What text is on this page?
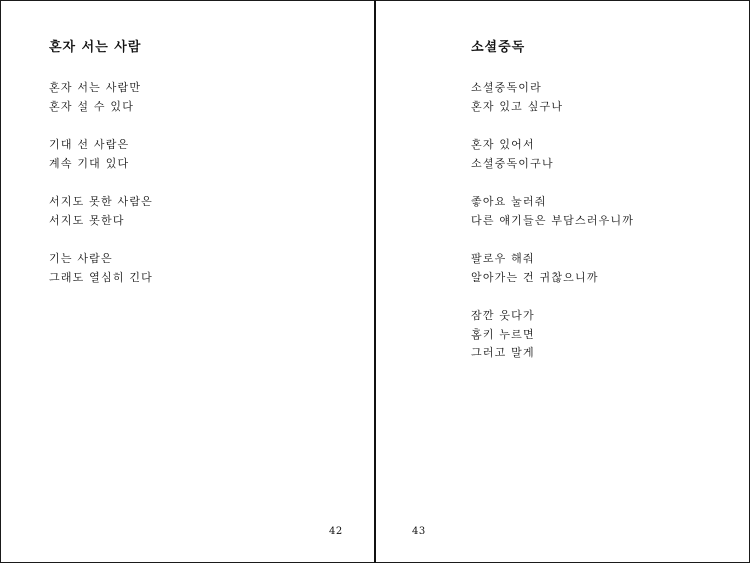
혼자 서는 사람

혼자 서는 사람만
혼자 설 수 있다

기대 선 사람은
계속 기대 있다

서지도 못한 사람은
서지도 못한다

기는 사람은
그래도 열심히 긴다

42
소셜중독

소셜중독이라
혼자 있고 싶구나

혼자 있어서
소셜중독이구나

좋아요 눌러줘
다른 얘기들은 부담스러우니까

팔로우 해줘
알아가는 건 귀찮으니까

잠깐 웃다가
홈키 누르면
그러고 말게

43
